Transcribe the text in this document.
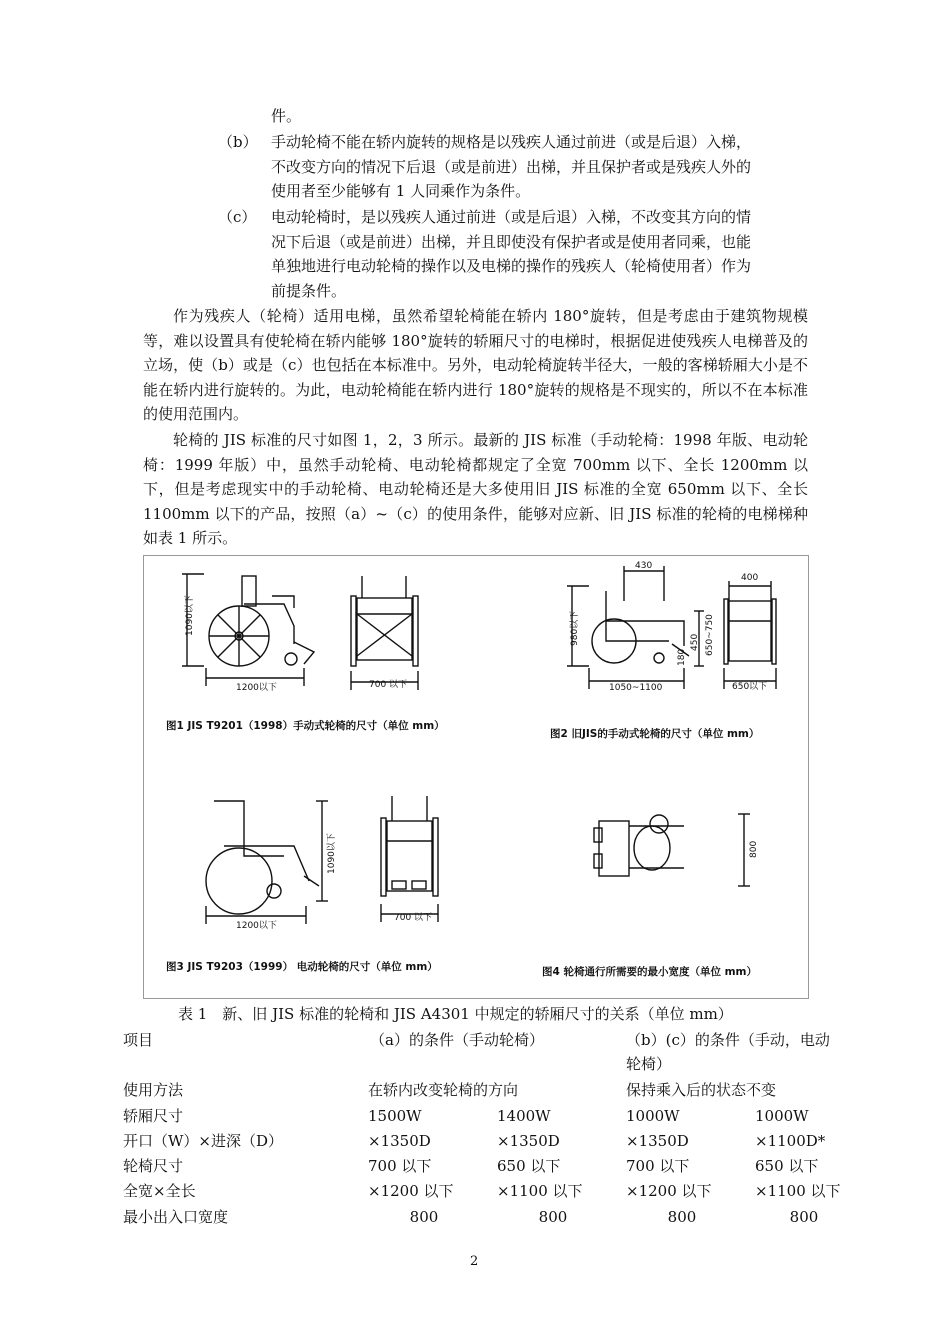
件。
（b） 手动轮椅不能在轿内旋转的规格是以残疾人通过前进（或是后退）入梯，
不改变方向的情况下后退（或是前进）出梯，并且保护者或是残疾人外的
使用者至少能够有 1 人同乘作为条件。
（c） 电动轮椅时，是以残疾人通过前进（或是后退）入梯，不改变其方向的情
况下后退（或是前进）出梯，并且即使没有保护者或是使用者同乘，也能
单独地进行电动轮椅的操作以及电梯的操作的残疾人（轮椅使用者）作为
前提条件。
作为残疾人（轮椅）适用电梯，虽然希望轮椅能在轿内 180°旋转，但是考虑由于建筑物规模等，难以设置具有使轮椅在轿内能够 180°旋转的轿厢尺寸的电梯时，根据促进使残疾人电梯普及的立场，使（b）或是（c）也包括在本标准中。另外，电动轮椅旋转半径大，一般的客梯轿厢大小是不能在轿内进行旋转的。为此，电动轮椅能在轿内进行 180°旋转的规格是不现实的，所以不在本标准的使用范围内。
轮椅的 JIS 标准的尺寸如图 1，2，3 所示。最新的 JIS 标准（手动轮椅：1998 年版、电动轮椅：1999 年版）中，虽然手动轮椅、电动轮椅都规定了全宽 700mm 以下、全长 1200mm 以下，但是考虑现实中的手动轮椅、电动轮椅还是大多使用旧 JIS 标准的全宽 650mm 以下、全长 1100mm 以下的产品，按照（a）~（c）的使用条件，能够对应新、旧 JIS 标准的轮椅的电梯梯种如表 1 所示。
1090以下
1200以下	700 以下
430
980以下	450 650~750
180
1050~1100
400
650以下
1090以下
1200以下
700 以下
800
图1 JIS T9201（1998）手动式轮椅的尺寸（单位 mm）
图2 旧JIS的手动式轮椅的尺寸（单位 mm）
图3 JIS T9203（1999） 电动轮椅的尺寸（单位 mm）	图4 轮椅通行所需要的最小宽度（单位 mm）
表 1　新、旧 JIS 标准的轮椅和 JIS A4301 中规定的轿厢尺寸的关系（单位 mm）
项目	（a）的条件（手动轮椅）	（b）(c）的条件（手动，电动
轮椅）
使用方法	在轿内改变轮椅的方向	保持乘入后的状态不变
轿厢尺寸	1500W	1400W	1000W	1000W
开口（W）×进深（D）	×1350D	×1350D	×1350D	×1100D*
轮椅尺寸	700 以下	650 以下	700 以下	650 以下
全宽×全长	×1200 以下	×1100 以下	×1200 以下	×1100 以下
最小出入口宽度	800	800	800	800
2
